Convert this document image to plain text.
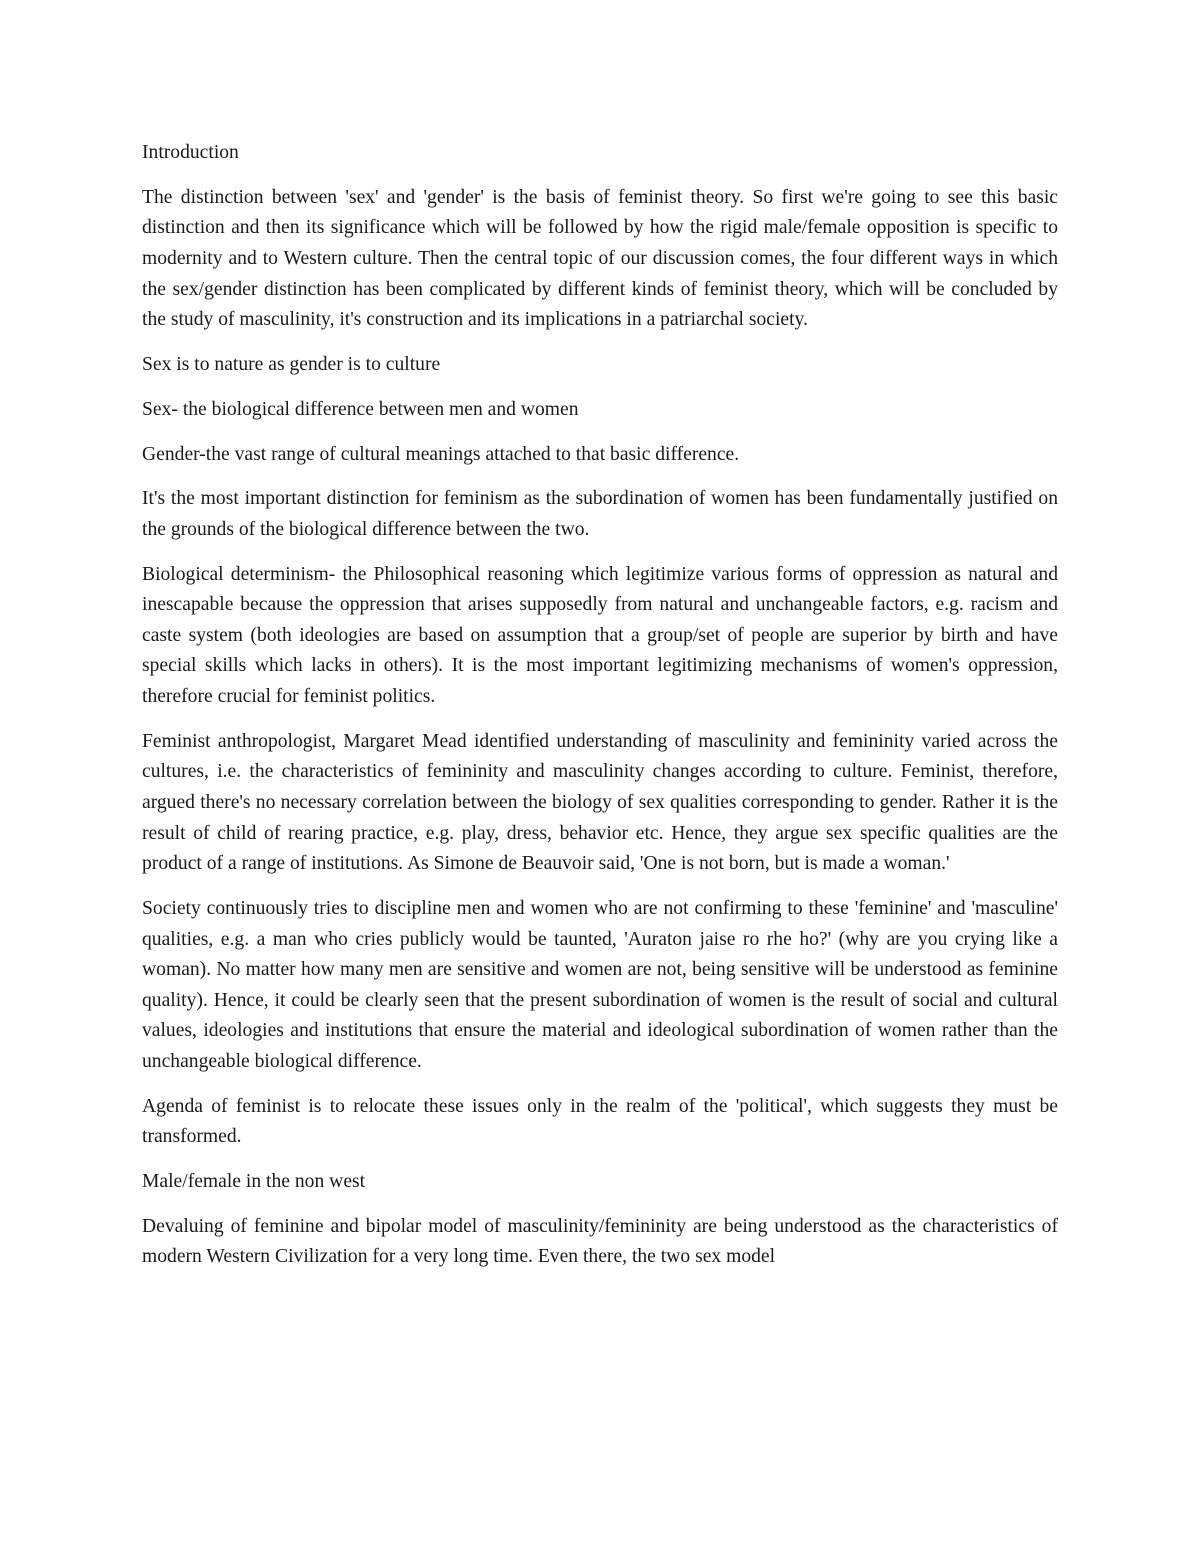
Introduction

The distinction between 'sex' and 'gender' is the basis of feminist theory. So first we're going to see this basic distinction and then its significance which will be followed by how the rigid male/female opposition is specific to modernity and to Western culture. Then the central topic of our discussion comes, the four different ways in which the sex/gender distinction has been complicated by different kinds of feminist theory, which will be concluded by the study of masculinity, it's construction and its implications in a patriarchal society.

Sex is to nature as gender is to culture

Sex- the biological difference between men and women

Gender-the vast range of cultural meanings attached to that basic difference.

It's the most important distinction for feminism as the subordination of women has been fundamentally justified on the grounds of the biological difference between the two.

Biological determinism- the Philosophical reasoning which legitimize various forms of oppression as natural and inescapable because the oppression that arises supposedly from natural and unchangeable factors, e.g. racism and caste system (both ideologies are based on assumption that a group/set of people are superior by birth and have special skills which lacks in others). It is the most important legitimizing mechanisms of women's oppression, therefore crucial for feminist politics.

Feminist anthropologist, Margaret Mead identified understanding of masculinity and femininity varied across the cultures, i.e. the characteristics of femininity and masculinity changes according to culture. Feminist, therefore, argued there's no necessary correlation between the biology of sex qualities corresponding to gender. Rather it is the result of child of rearing practice, e.g. play, dress, behavior etc. Hence, they argue sex specific qualities are the product of a range of institutions. As Simone de Beauvoir said, 'One is not born, but is made a woman.'

Society continuously tries to discipline men and women who are not confirming to these 'feminine' and 'masculine' qualities, e.g. a man who cries publicly would be taunted, 'Auraton jaise ro rhe ho?' (why are you crying like a woman). No matter how many men are sensitive and women are not, being sensitive will be understood as feminine quality). Hence, it could be clearly seen that the present subordination of women is the result of social and cultural values, ideologies and institutions that ensure the material and ideological subordination of women rather than the unchangeable biological difference.

Agenda of feminist is to relocate these issues only in the realm of the 'political', which suggests they must be transformed.

Male/female in the non west

Devaluing of feminine and bipolar model of masculinity/femininity are being understood as the characteristics of modern Western Civilization for a very long time. Even there, the two sex model
